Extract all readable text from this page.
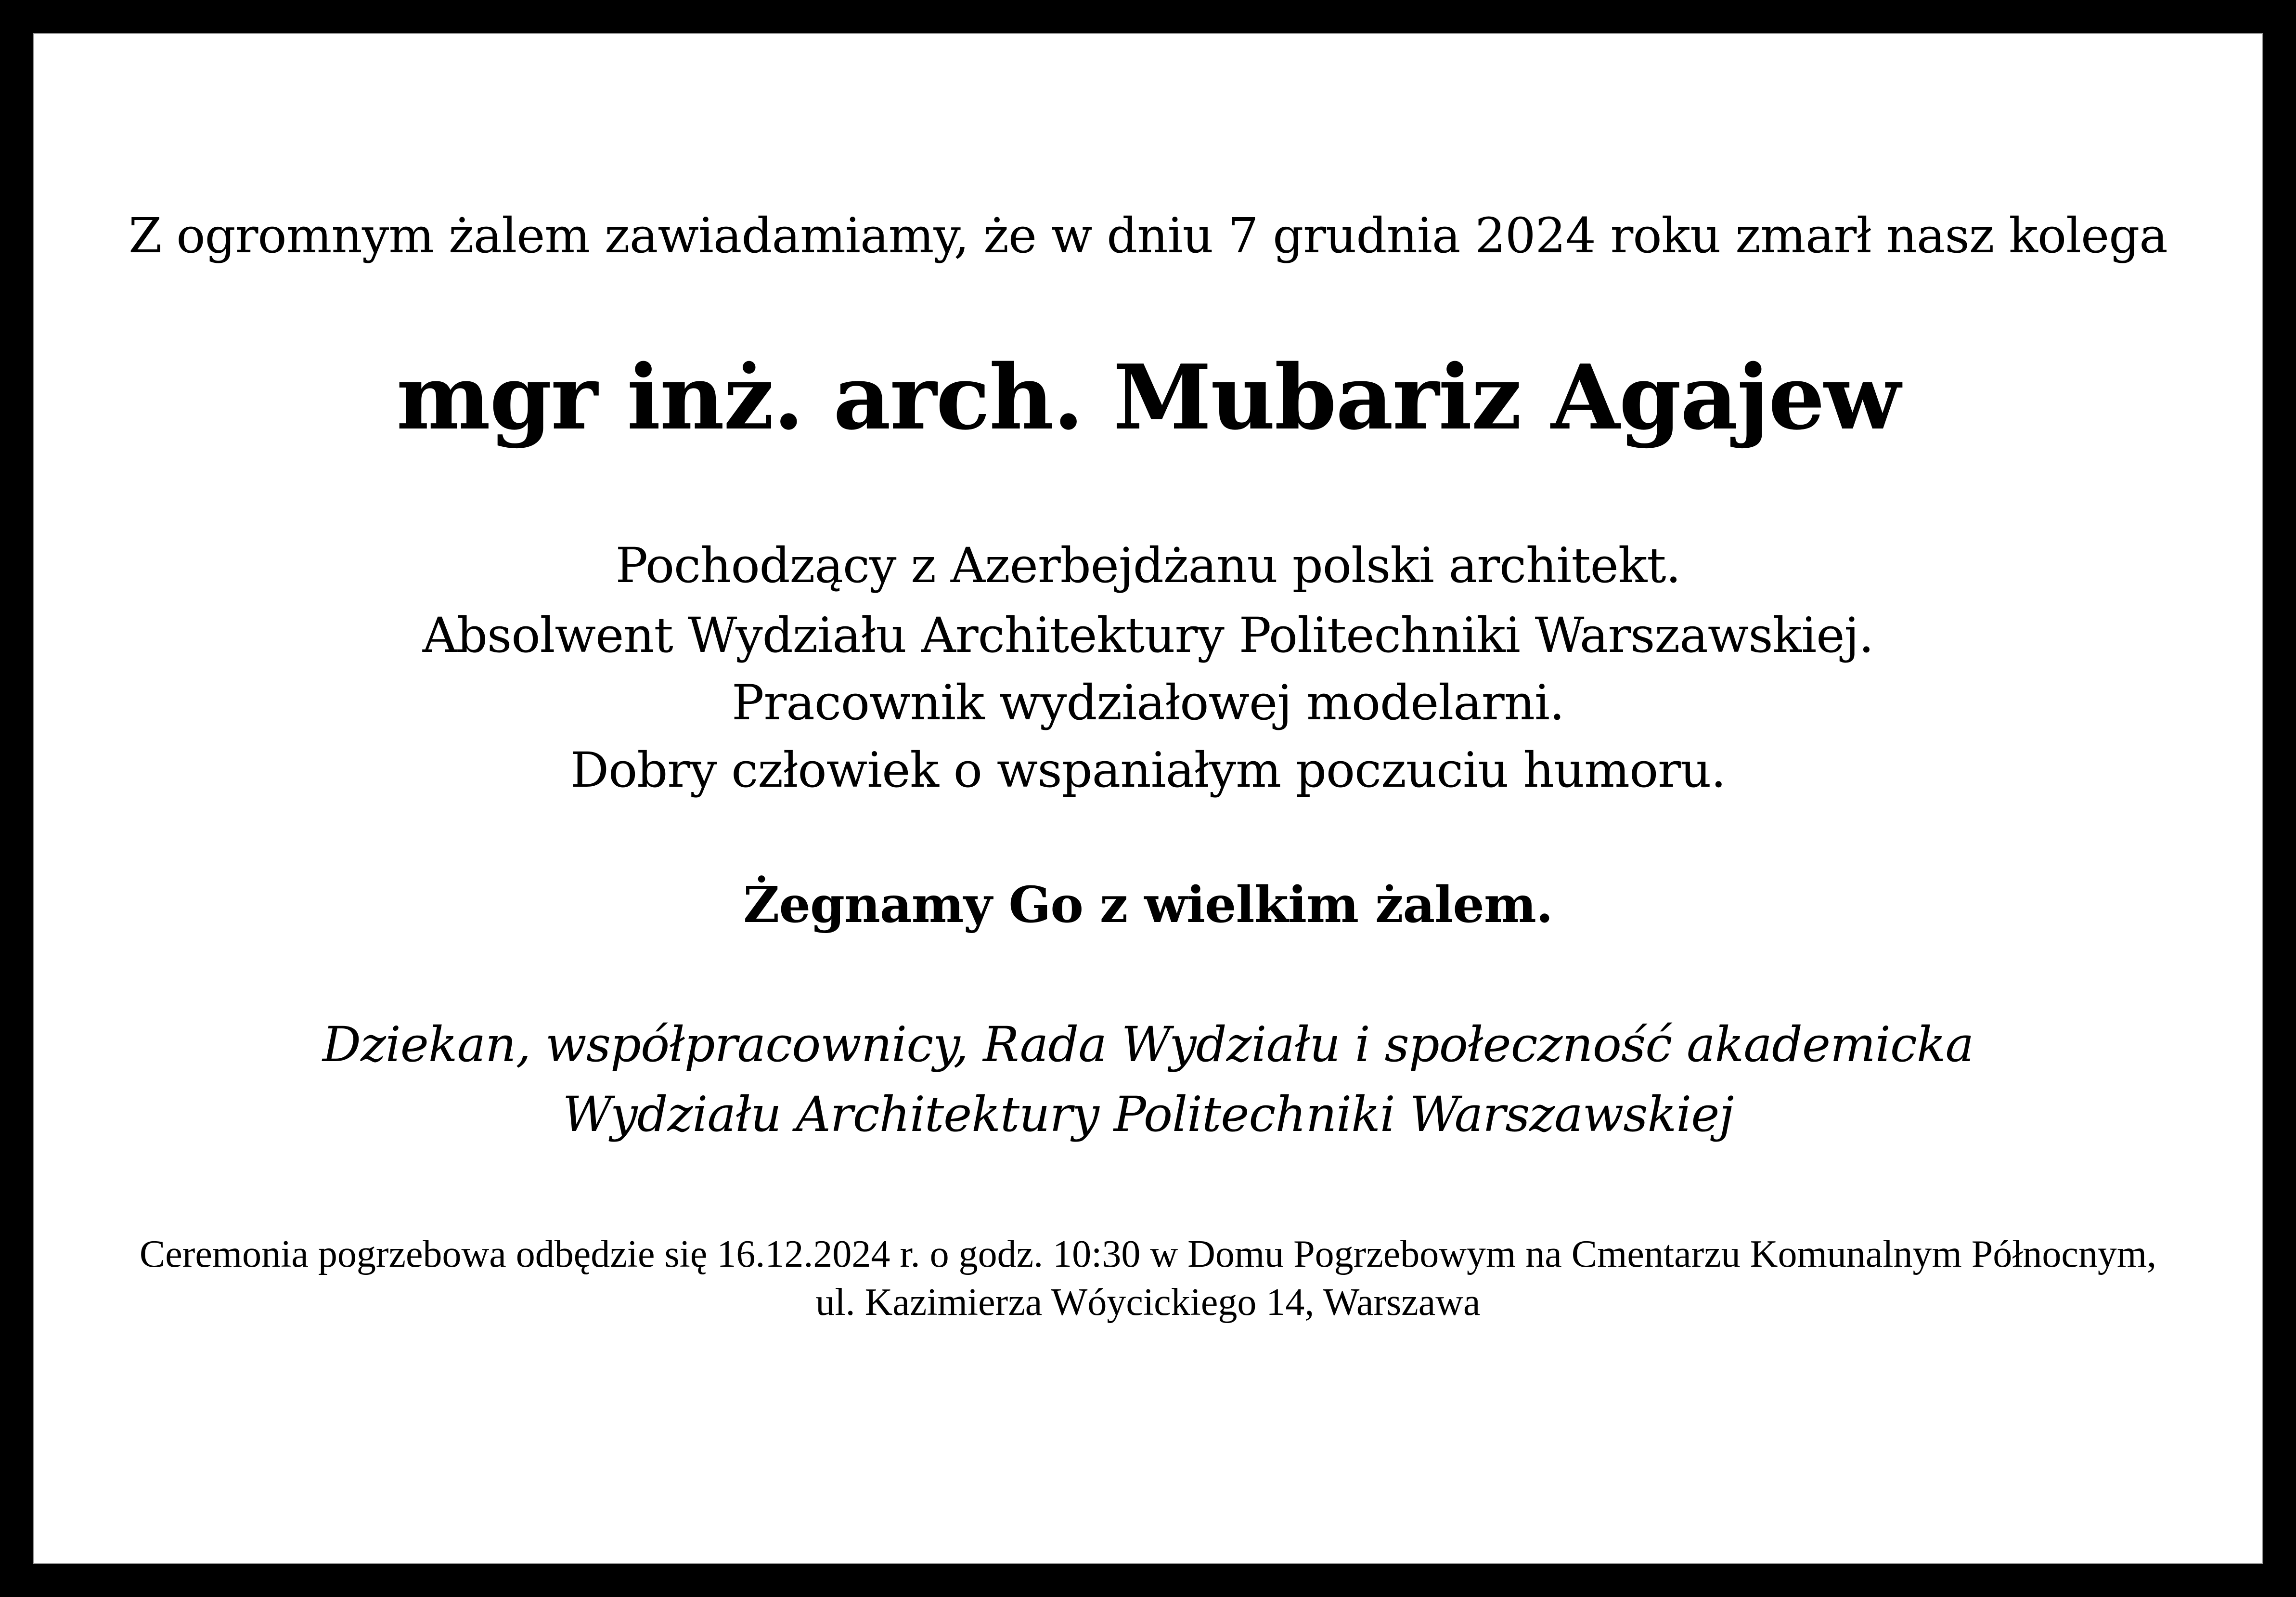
Z ogromnym żalem zawiadamiamy, że w dniu 7 grudnia 2024 roku zmarł nasz kolega

mgr inż. arch. Mubariz Agajew

Pochodzący z Azerbejdżanu polski architekt.

Absolwent Wydziału Architektury Politechniki Warszawskiej.

Pracownik wydziałowej modelarni.

Dobry człowiek o wspaniałym poczuciu humoru.

Żegnamy Go z wielkim żalem.

Dziekan, współpracownicy, Rada Wydziału i społeczność akademicka

Wydziału Architektury Politechniki Warszawskiej

Ceremonia pogrzebowa odbędzie się 16.12.2024 r. o godz. 10:30 w Domu Pogrzebowym na Cmentarzu Komunalnym Północnym,

ul. Kazimierza Wóycickiego 14, Warszawa
